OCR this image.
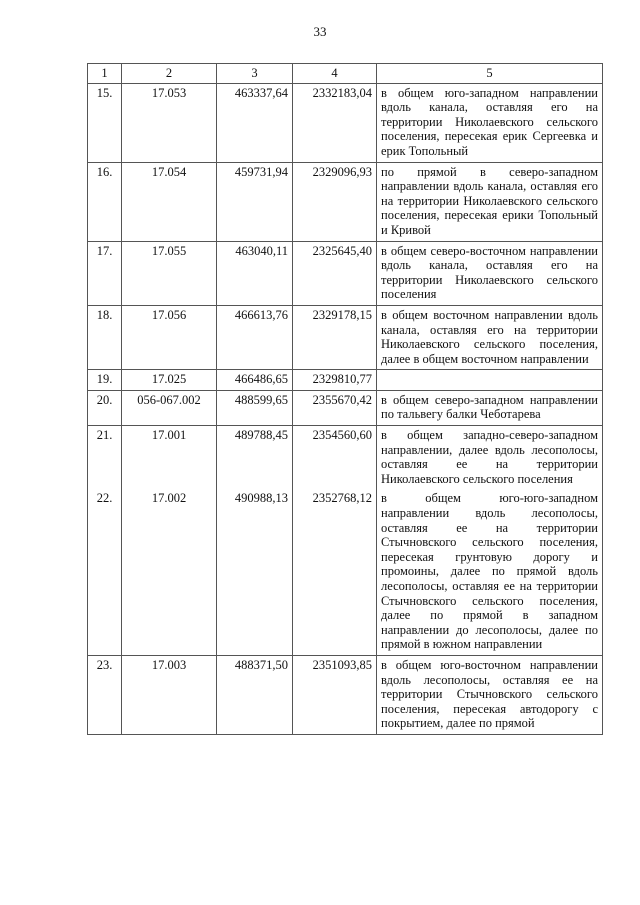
33
1	2	3	4	5
15.	17.053	463337,64	2332183,04	в общем юго-западном направлении вдоль канала, оставляя его на территории Николаевского сельского поселения, пересекая ерик Сергеевка и ерик Топольный
16.	17.054	459731,94	2329096,93	по прямой в северо-западном направлении вдоль канала, оставляя его на территории Николаевского сельского поселения, пересекая ерики Топольный и Кривой
17.	17.055	463040,11	2325645,40	в общем северо-восточном направлении вдоль канала, оставляя его на территории Николаевского сельского поселения
18.	17.056	466613,76	2329178,15	в общем восточном направлении вдоль канала, оставляя его на территории Николаевского сельского поселения, далее в общем восточном направлении
19.	17.025	466486,65	2329810,77	
20.	056-067.002	488599,65	2355670,42	в общем северо-западном направлении по тальвегу балки Чеботарева
21.	17.001	489788,45	2354560,60	в общем западно-северо-западном направлении, далее вдоль лесополосы, оставляя ее на территории Николаевского сельского поселения
22.	17.002	490988,13	2352768,12	в общем юго-юго-западном направлении вдоль лесополосы, оставляя ее на территории Стычновского сельского поселения, пересекая грунтовую дорогу и промоины, далее по прямой вдоль лесополосы, оставляя ее на территории Стычновского сельского поселения, далее по прямой в западном направлении до лесополосы, далее по прямой в южном направлении
23.	17.003	488371,50	2351093,85	в общем юго-восточном направлении вдоль лесополосы, оставляя ее на территории Стычновского сельского поселения, пересекая автодорогу с покрытием, далее по прямой
